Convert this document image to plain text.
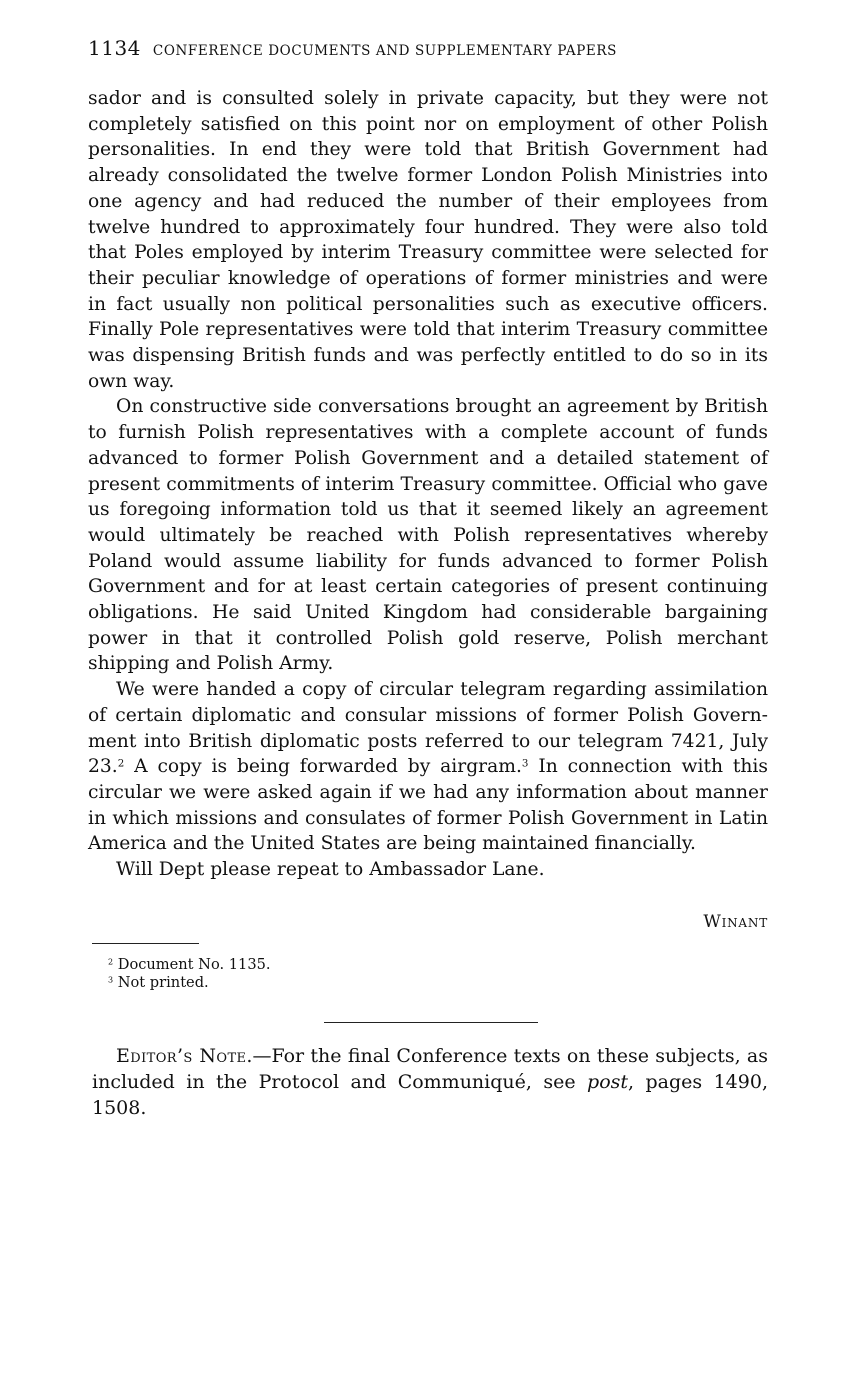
1134 CONFERENCE DOCUMENTS AND SUPPLEMENTARY PAPERS

sador and is consulted solely in private capacity, but they were not completely satisfied on this point nor on employment of other Polish personalities. In end they were told that British Government had already consolidated the twelve former London Polish Ministries into one agency and had reduced the number of their employees from twelve hundred to approximately four hundred. They were also told that Poles employed by interim Treasury committee were selected for their peculiar knowledge of operations of former ministries and were in fact usually non political personalities such as executive officers. Finally Pole representatives were told that interim Treasury committee was dispensing British funds and was perfectly entitled to do so in its own way.

On constructive side conversations brought an agreement by British to furnish Polish representatives with a complete account of funds advanced to former Polish Government and a detailed statement of present commitments of interim Treasury committee. Official who gave us foregoing information told us that it seemed likely an agreement would ultimately be reached with Polish representatives whereby Poland would assume liability for funds advanced to former Polish Government and for at least certain categories of present continuing obligations. He said United Kingdom had considerable bargaining power in that it controlled Polish gold reserve, Polish merchant shipping and Polish Army.

We were handed a copy of circular telegram regarding assimilation of certain diplomatic and consular missions of former Polish Government into British diplomatic posts referred to our telegram 7421, July 23.$^2$ A copy is being forwarded by airgram.$^3$ In connection with this circular we were asked again if we had any information about manner in which missions and consulates of former Polish Government in Latin America and the United States are being maintained financially.

Will Dept please repeat to Ambassador Lane.

Winant
$^2$ Document No. 1135.
$^3$ Not printed.

Editor’s Note.—For the final Conference texts on these subjects, as included in the Protocol and Communiqué, see post, pages 1490, 1508.
